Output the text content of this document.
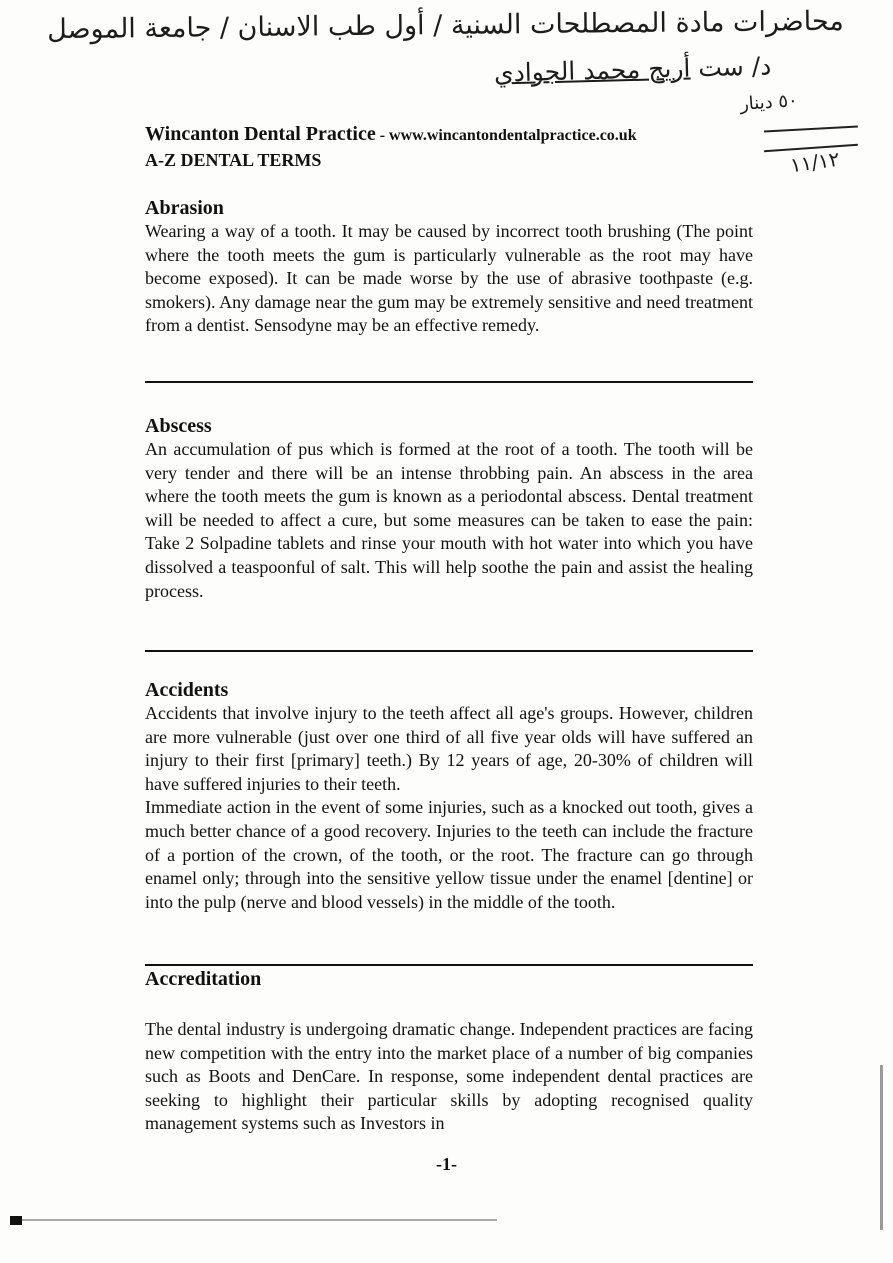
محاضرات مادة المصطلحات السنية / أول طب الاسنان / جامعة الموصل
د/ ست أريج محمد الجوادي
٥٠ دينار
١١/١٢
Wincanton Dental Practice - www.wincantondentalpractice.co.uk
A-Z DENTAL TERMS
Abrasion

Wearing a way of a tooth. It may be caused by incorrect tooth brushing (The point where the tooth meets the gum is particularly vulnerable as the root may have become exposed). It can be made worse by the use of abrasive toothpaste (e.g. smokers). Any damage near the gum may be extremely sensitive and need treatment from a dentist. Sensodyne may be an effective remedy.

Abscess

An accumulation of pus which is formed at the root of a tooth. The tooth will be very tender and there will be an intense throbbing pain. An abscess in the area where the tooth meets the gum is known as a periodontal abscess. Dental treatment will be needed to affect a cure, but some measures can be taken to ease the pain: Take 2 Solpadine tablets and rinse your mouth with hot water into which you have dissolved a teaspoonful of salt. This will help soothe the pain and assist the healing process.

Accidents

Accidents that involve injury to the teeth affect all age's groups. However, children are more vulnerable (just over one third of all five year olds will have suffered an injury to their first [primary] teeth.) By 12 years of age, 20-30% of children will have suffered injuries to their teeth.

Immediate action in the event of some injuries, such as a knocked out tooth, gives a much better chance of a good recovery. Injuries to the teeth can include the fracture of a portion of the crown, of the tooth, or the root. The fracture can go through enamel only; through into the sensitive yellow tissue under the enamel [dentine] or into the pulp (nerve and blood vessels) in the middle of the tooth.

Accreditation

The dental industry is undergoing dramatic change. Independent practices are facing new competition with the entry into the market place of a number of big companies such as Boots and DenCare. In response, some independent dental practices are seeking to highlight their particular skills by adopting recognised quality management systems such as Investors in

-1-
